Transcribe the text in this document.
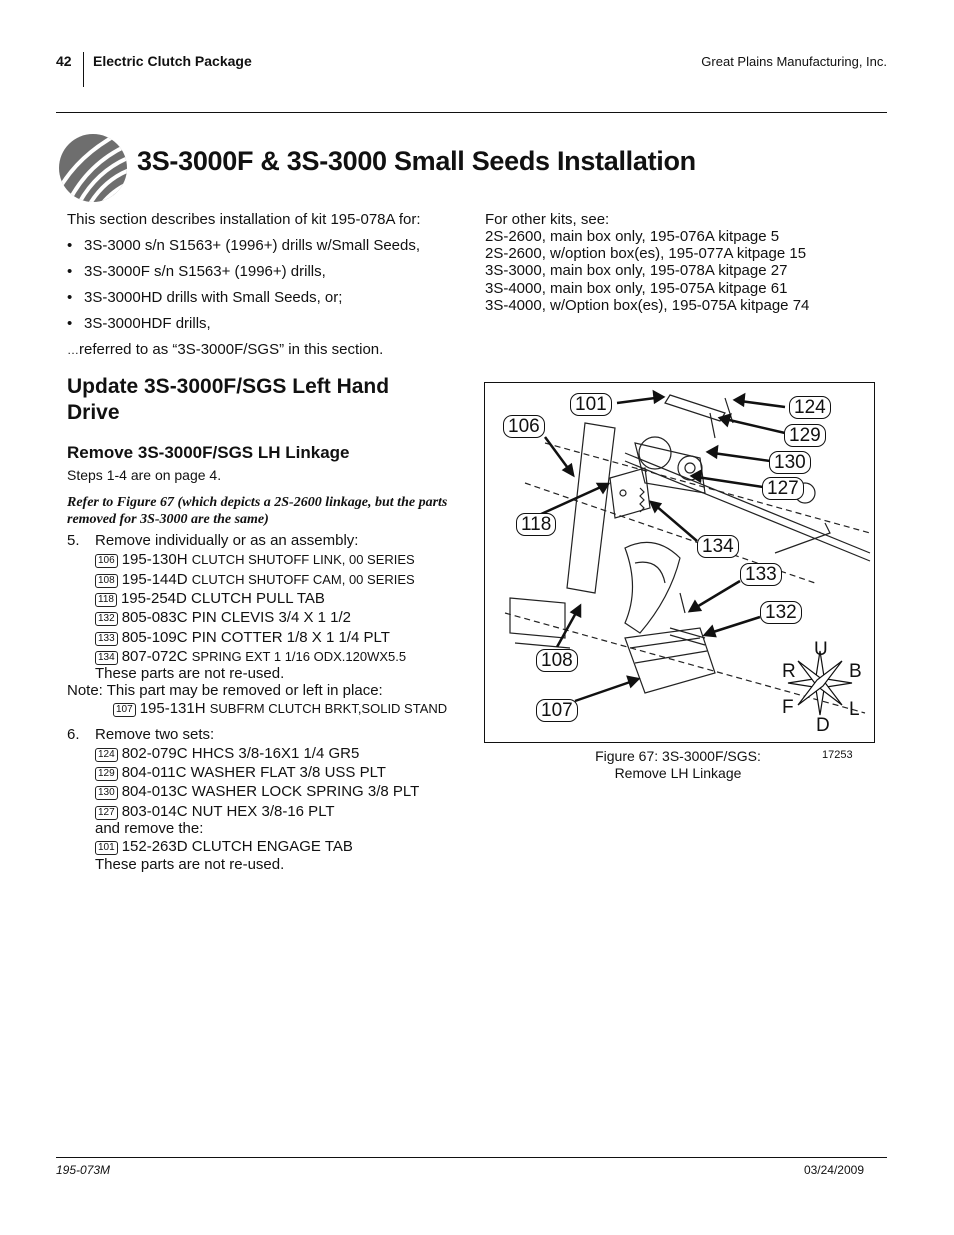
42 Electric Clutch Package	Great Plains Manufacturing, Inc.
3S-3000F & 3S-3000 Small Seeds Installation
This section describes installation of kit 195-078A for:
• 3S-3000 s/n S1563+ (1996+) drills w/Small Seeds,
• 3S-3000F s/n S1563+ (1996+) drills,
• 3S-3000HD drills with Small Seeds, or;
• 3S-3000HDF drills,
…referred to as “3S-3000F/SGS” in this section.
For other kits, see:
2S-2600, main box only, 195-076A kitpage 5
2S-2600, w/option box(es), 195-077A kitpage 15
3S-3000, main box only, 195-078A kitpage 27
3S-4000, main box only, 195-075A kitpage 61
3S-4000, w/Option box(es), 195-075A kitpage 74
Update 3S-3000F/SGS Left Hand Drive
Remove 3S-3000F/SGS LH Linkage
Steps 1-4 are on page 4.
Refer to Figure 67 (which depicts a 2S-2600 linkage, but the parts removed for 3S-3000 are the same)
5. Remove individually or as an assembly:
106 195-130H CLUTCH SHUTOFF LINK, 00 SERIES
108 195-144D CLUTCH SHUTOFF CAM, 00 SERIES
118 195-254D CLUTCH PULL TAB
132 805-083C PIN CLEVIS 3/4 X 1 1/2
133 805-109C PIN COTTER 1/8 X 1 1/4 PLT
134 807-072C SPRING EXT 1 1/16 ODX.120WX5.5
These parts are not re-used.
Note: This part may be removed or left in place:
107 195-131H SUBFRM CLUTCH BRKT,SOLID STAND
6. Remove two sets:
124 802-079C HHCS 3/8-16X1 1/4 GR5
129 804-011C WASHER FLAT 3/8 USS PLT
130 804-013C WASHER LOCK SPRING 3/8 PLT
127 803-014C NUT HEX 3/8-16 PLT
and remove the:
101 152-263D CLUTCH ENGAGE TAB
These parts are not re-used.
101
106
124
129
130
127
118
134
133
132
108
107
U
R	B
F	L
D
Figure 67: 3S-3000F/SGS:
Remove LH Linkage
17253
195-073M	03/24/2009
